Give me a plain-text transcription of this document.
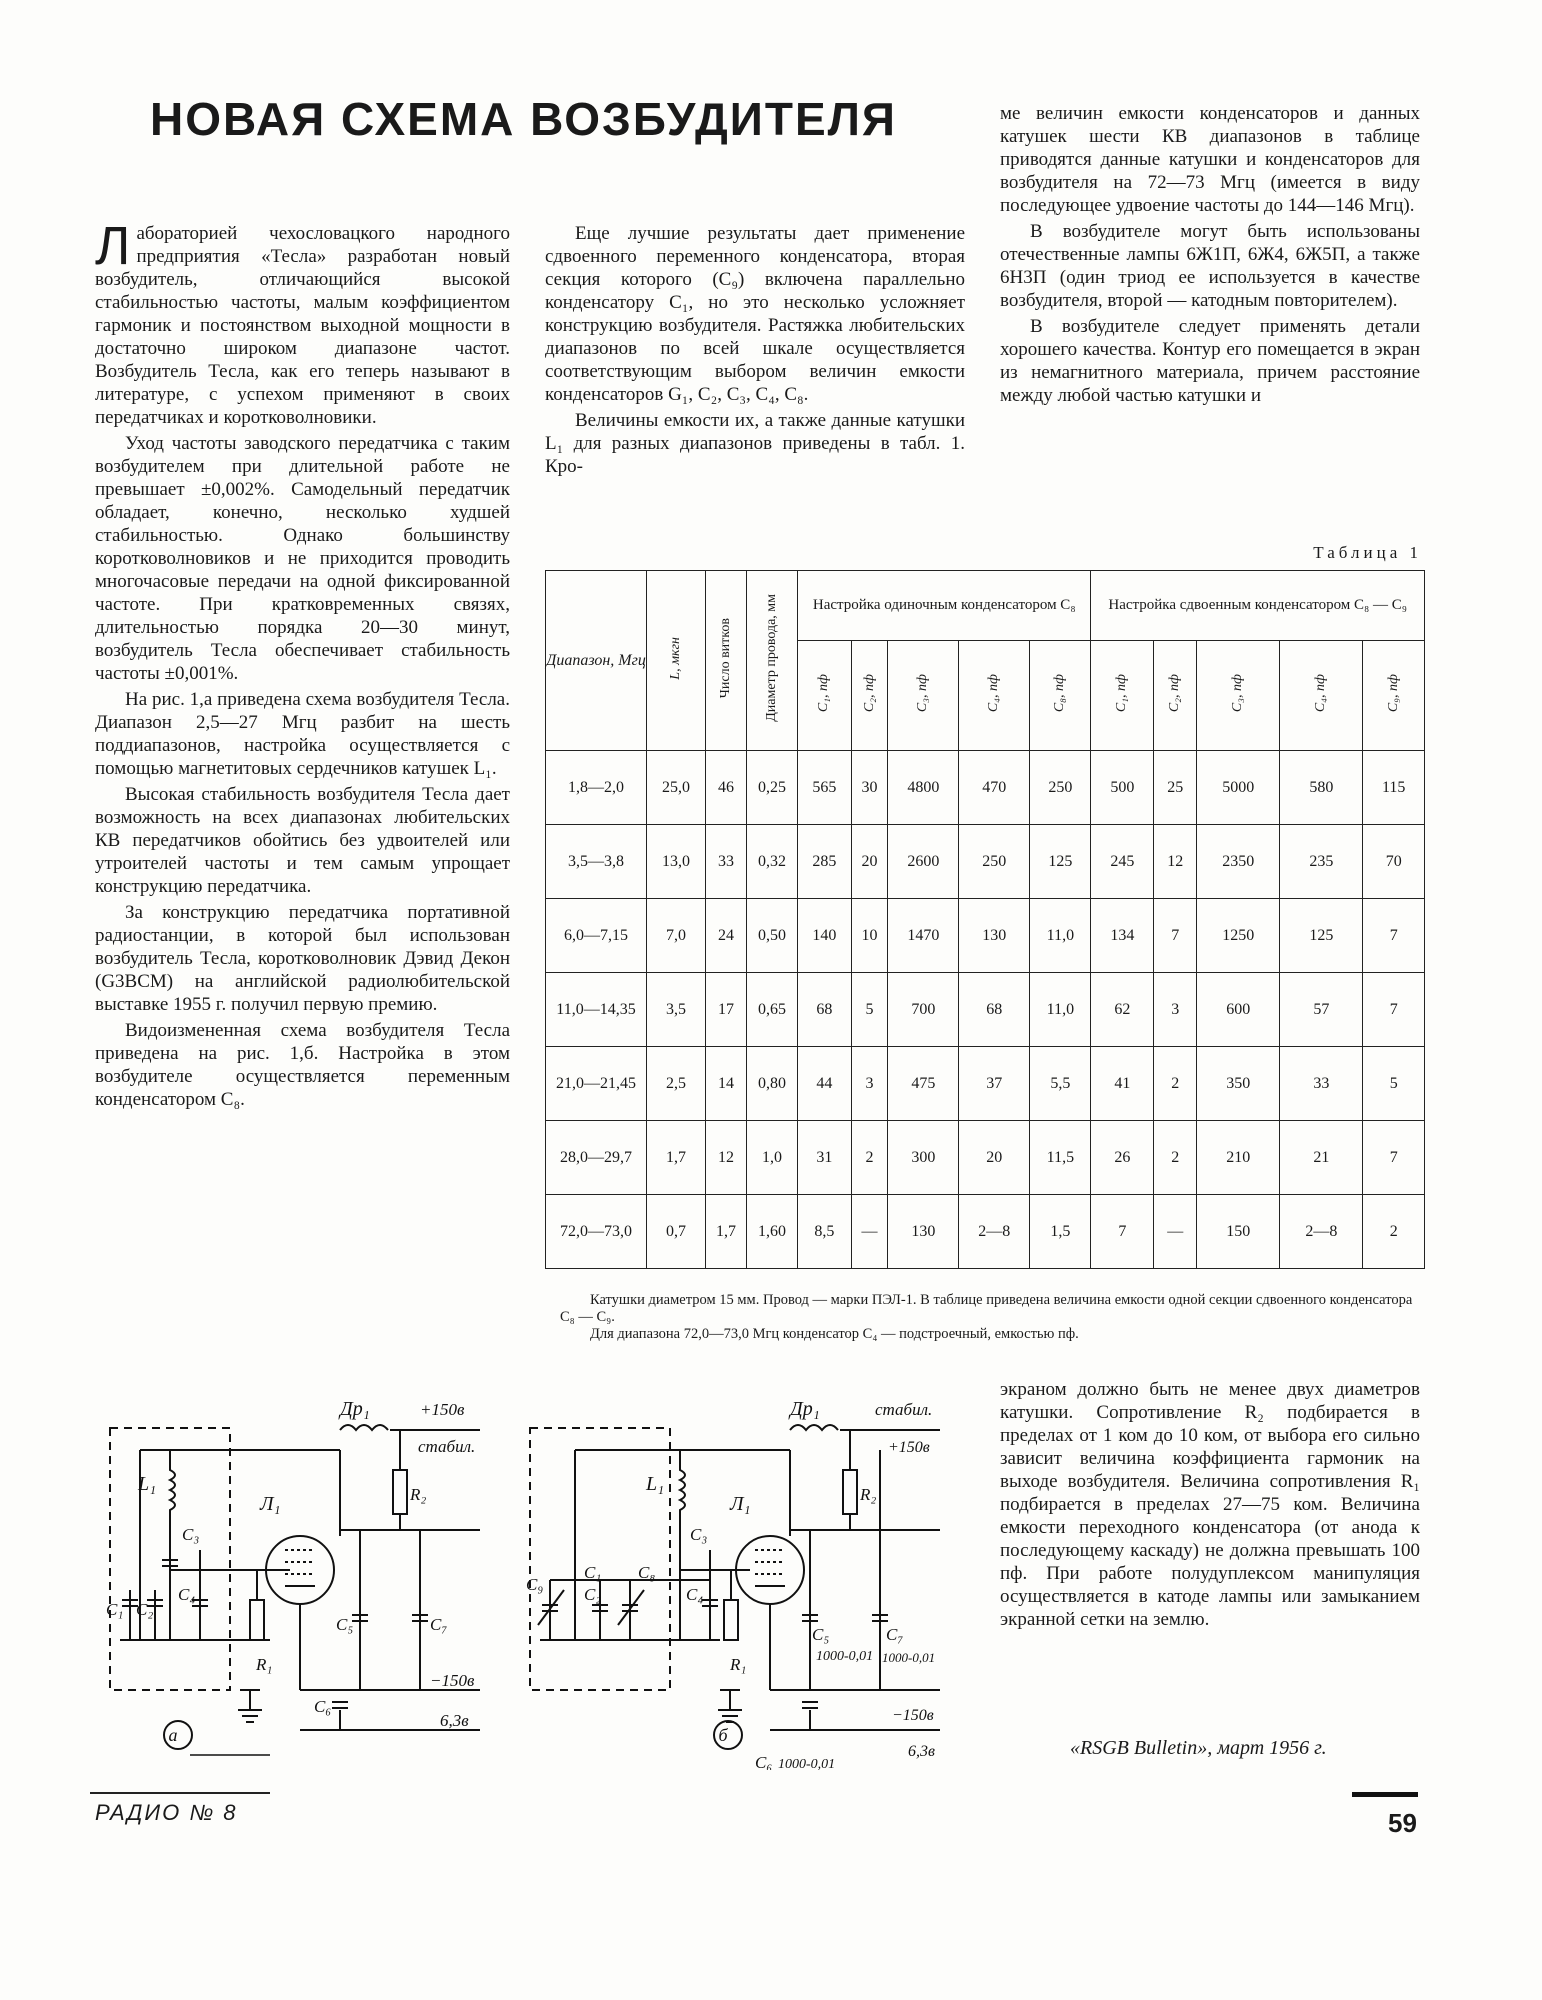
НОВАЯ СХЕМА ВОЗБУДИТЕЛЯ

Лабораторией чехословацкого народного предприятия «Тесла» разработан новый возбудитель, отличающийся высокой стабильностью частоты, малым коэффициентом гармоник и постоянством выходной мощности в достаточно широком диапазоне частот. Возбудитель Тесла, как его теперь называют в литературе, с успехом применяют в своих передатчиках и коротковолновики.

Уход частоты заводского передатчика с таким возбудителем при длительной работе не превышает ±0,002%. Самодельный передатчик обладает, конечно, несколько худшей стабильностью. Однако большинству коротковолновиков и не приходится проводить многочасовые передачи на одной фиксированной частоте. При кратковременных связях, длительностью порядка 20—30 минут, возбудитель Тесла обеспечивает стабильность частоты ±0,001%.

На рис. 1,а приведена схема возбудителя Тесла. Диапазон 2,5—27 Мгц разбит на шесть поддиапазонов, настройка осуществляется с помощью магнетитовых сердечников катушек L₁.

Высокая стабильность возбудителя Тесла дает возможность на всех диапазонах любительских КВ передатчиков обойтись без удвоителей или утроителей частоты и тем самым упрощает конструкцию передатчика.

За конструкцию передатчика портативной радиостанции, в которой был использован возбудитель Тесла, коротковолновик Дэвид Декон (G3BCM) на английской радиолюбительской выставке 1955 г. получил первую премию.

Видоизмененная схема возбудителя Тесла приведена на рис. 1,б. Настройка в этом возбудителе осуществляется переменным конденсатором C₈.

Еще лучшие результаты дает применение сдвоенного переменного конденсатора, вторая секция которого (C₉) включена параллельно конденсатору C₁, но это несколько усложняет конструкцию возбудителя. Растяжка любительских диапазонов по всей шкале осуществляется соответствующим выбором величин емкости конденсаторов G₁, C₂, C₃, C₄, C₈.

Величины емкости их, а также данные катушки L₁ для разных диапазонов приведены в табл. 1. Кро-

ме величин емкости конденсаторов и данных катушек шести КВ диапазонов в таблице приводятся данные катушки и конденсаторов для возбудителя на 72—73 Мгц (имеется в виду последующее удвоение частоты до 144—146 Мгц).

В возбудителе могут быть использованы отечественные лампы 6Ж1П, 6Ж4, 6Ж5П, а также 6Н3П (один триод ее используется в качестве возбудителя, второй — катодным повторителем).

В возбудителе следует применять детали хорошего качества. Контур его помещается в экран из немагнитного материала, причем расстояние между любой частью катушки и

Таблица 1
Диапазон, Мгц	L, мкгн	Число витков	Диаметр провода, мм	Настройка одиночным конденсатором C₈					Настройка сдвоенным конденсатором C₈ — C₉				
				C₁, пф	C₂, пф	C₃, пф	C₄, пф	C₈, пф	C₁, пф	C₂, пф	C₃, пф	C₄, пф	C₉, пф
1,8—2,0	25,0	46	0,25	565	30	4800	470	250	500	25	5000	580	115
3,5—3,8	13,0	33	0,32	285	20	2600	250	125	245	12	2350	235	70
6,0—7,15	7,0	24	0,50	140	10	1470	130	11,0	134	7	1250	125	7
11,0—14,35	3,5	17	0,65	68	5	700	68	11,0	62	3	600	57	7
21,0—21,45	2,5	14	0,80	44	3	475	37	5,5	41	2	350	33	5
28,0—29,7	1,7	12	1,0	31	2	300	20	11,5	26	2	210	21	7
72,0—73,0	0,7	1,7	1,60	8,5	—	130	2—8	1,5	7	—	150	2—8	2
Катушки диаметром 15 мм. Провод — марки ПЭЛ-1. В таблице приведена величина емкости одной секции сдвоенного конденсатора C₈ — C₉.
Для диапазона 72,0—73,0 Мгц конденсатор C₄ — подстроечный, емкостью пф.
а
Др₁	+150в
стабил.
−150в
6,3в
L₁
Л₁
R₁
R₂
C₁ C₂
C₃
C₄
C₅
C₆
C₇
б
Др₁	стабил.
+150в
−150в
6,3в
L₁
Л₁
R₁
R₂
C₁
C₂
C₃
C₄
C₅
1000-0,01
C₆ 1000-0,01
C₇
1000-0,01
C₈
C₉

экраном должно быть не менее двух диаметров катушки. Сопротивление R₂ подбирается в пределах от 1 ком до 10 ком, от выбора его сильно зависит величина коэффициента гармоник на выходе возбудителя. Величина сопротивления R₁ подбирается в пределах 27—75 ком. Величина емкости переходного конденсатора (от анода к последующему каскаду) не должна превышать 100 пф. При работе полудуплексом манипуляция осуществляется в катоде лампы или замыканием экранной сетки на землю.

«RSGB Bulletin», март 1956 г.
РАДИО № 8	59
